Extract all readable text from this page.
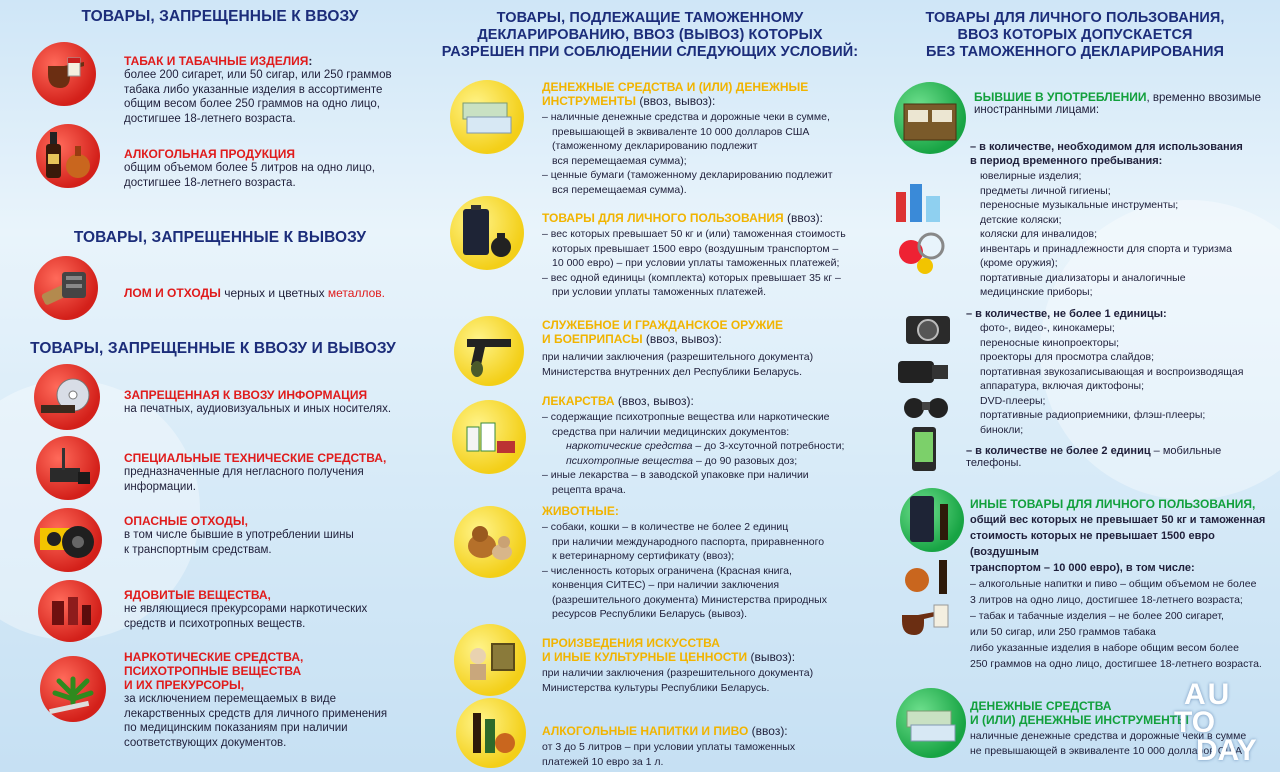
ТОВАРЫ, ЗАПРЕЩЕННЫЕ К ВВОЗУ
ТАБАК И ТАБАЧНЫЕ ИЗДЕЛИЯ:
более 200 сигарет, или 50 сигар, или 250 граммов
табака либо указанные изделия в ассортименте
общим весом более 250 граммов на одно лицо,
достигшее 18-летнего возраста.
АЛКОГОЛЬНАЯ ПРОДУКЦИЯ
общим объемом более 5 литров на одно лицо,
достигшее 18-летнего возраста.
ТОВАРЫ, ЗАПРЕЩЕННЫЕ К ВЫВОЗУ
ЛОМ И ОТХОДЫ черных и цветных металлов.
ТОВАРЫ, ЗАПРЕЩЕННЫЕ К ВВОЗУ И ВЫВОЗУ
ЗАПРЕЩЕННАЯ К ВВОЗУ ИНФОРМАЦИЯ
на печатных, аудиовизуальных и иных носителях.
СПЕЦИАЛЬНЫЕ ТЕХНИЧЕСКИЕ СРЕДСТВА,
предназначенные для негласного получения
информации.
ОПАСНЫЕ ОТХОДЫ,
в том числе бывшие в употреблении шины
к транспортным средствам.
ЯДОВИТЫЕ ВЕЩЕСТВА,
не являющиеся прекурсорами наркотических
средств и психотропных веществ.
НАРКОТИЧЕСКИЕ СРЕДСТВА,
ПСИХОТРОПНЫЕ ВЕЩЕСТВА
И ИХ ПРЕКУРСОРЫ,
за исключением перемещаемых в виде
лекарственных средств для личного применения
по медицинским показаниям при наличии
соответствующих документов.
ТОВАРЫ, ПОДЛЕЖАЩИЕ ТАМОЖЕННОМУ
ДЕКЛАРИРОВАНИЮ, ВВОЗ (ВЫВОЗ) КОТОРЫХ
РАЗРЕШЕН ПРИ СОБЛЮДЕНИИ СЛЕДУЮЩИХ УСЛОВИЙ:
ДЕНЕЖНЫЕ СРЕДСТВА И (ИЛИ) ДЕНЕЖНЫЕ
ИНСТРУМЕНТЫ (ввоз, вывоз):
– наличные денежные средства и дорожные чеки в сумме,
превышающей в эквиваленте 10 000 долларов США
(таможенному декларированию подлежит
вся перемещаемая сумма);
– ценные бумаги (таможенному декларированию подлежит
вся перемещаемая сумма).
ТОВАРЫ ДЛЯ ЛИЧНОГО ПОЛЬЗОВАНИЯ (ввоз):
– вес которых превышает 50 кг и (или) таможенная стоимость
которых превышает 1500 евро (воздушным транспортом –
10 000 евро) – при условии уплаты таможенных платежей;
– вес одной единицы (комплекта) которых превышает 35 кг –
при условии уплаты таможенных платежей.
СЛУЖЕБНОЕ И ГРАЖДАНСКОЕ ОРУЖИЕ
И БОЕПРИПАСЫ (ввоз, вывоз):
при наличии заключения (разрешительного документа)
Министерства внутренних дел Республики Беларусь.
ЛЕКАРСТВА (ввоз, вывоз):
– содержащие психотропные вещества или наркотические
средства при наличии медицинских документов:
наркотические средства – до 3-хсуточной потребности;
психотропные вещества – до 90 разовых доз;
– иные лекарства – в заводской упаковке при наличии
рецепта врача.
ЖИВОТНЫЕ:
– собаки, кошки – в количестве не более 2 единиц
при наличии международного паспорта, приравненного
к ветеринарному сертификату (ввоз);
– численность которых ограничена (Красная книга,
конвенция СИТЕС) – при наличии заключения
(разрешительного документа) Министерства природных
ресурсов Республики Беларусь (вывоз).
ПРОИЗВЕДЕНИЯ ИСКУССТВА
И ИНЫЕ КУЛЬТУРНЫЕ ЦЕННОСТИ (вывоз):
при наличии заключения (разрешительного документа)
Министерства культуры Республики Беларусь.
АЛКОГОЛЬНЫЕ НАПИТКИ И ПИВО (ввоз):
от 3 до 5 литров – при условии уплаты таможенных
платежей 10 евро за 1 л.
ТОВАРЫ ДЛЯ ЛИЧНОГО ПОЛЬЗОВАНИЯ,
ВВОЗ КОТОРЫХ ДОПУСКАЕТСЯ
БЕЗ ТАМОЖЕННОГО ДЕКЛАРИРОВАНИЯ
БЫВШИЕ В УПОТРЕБЛЕНИИ, временно ввозимые
иностранными лицами:
– в количестве, необходимом для использования
в период временного пребывания:
ювелирные изделия;
предметы личной гигиены;
переносные музыкальные инструменты;
детские коляски;
коляски для инвалидов;
инвентарь и принадлежности для спорта и туризма
(кроме оружия);
портативные диализаторы и аналогичные
медицинские приборы;
– в количестве, не более 1 единицы:
фото-, видео-, кинокамеры;
переносные кинопроекторы;
проекторы для просмотра слайдов;
портативная звукозаписывающая и воспроизводящая
аппаратура, включая диктофоны;
DVD-плееры;
портативные радиоприемники, флэш-плееры;
бинокли;
– в количестве не более 2 единиц – мобильные телефоны.
ИНЫЕ ТОВАРЫ ДЛЯ ЛИЧНОГО ПОЛЬЗОВАНИЯ,
общий вес которых не превышает 50 кг и таможенная
стоимость которых не превышает 1500 евро (воздушным
транспортом – 10 000 евро), в том числе:
– алкогольные напитки и пиво – общим объемом не более
3 литров на одно лицо, достигшее 18-летнего возраста;
– табак и табачные изделия – не более 200 сигарет,
или 50 сигар, или 250 граммов табака
либо указанные изделия в наборе общим весом более
250 граммов на одно лицо, достигшее 18-летнего возраста.
ДЕНЕЖНЫЕ СРЕДСТВА
И (ИЛИ) ДЕНЕЖНЫЕ ИНСТРУМЕНТЫ
наличные денежные средства и дорожные чеки в сумме
не превышающей в эквиваленте 10 000 долларов США
AU
TO
DAY
